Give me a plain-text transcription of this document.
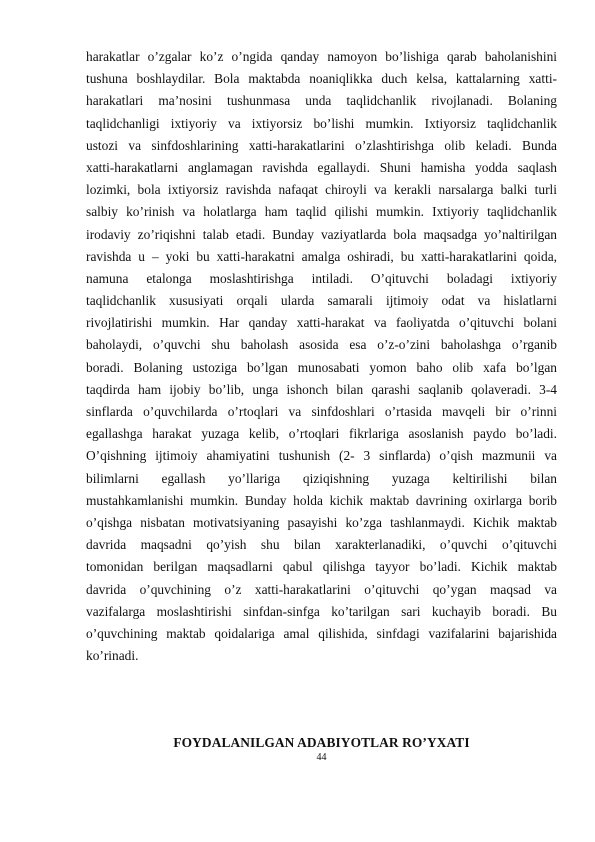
harakatlar o’zgalar ko’z o’ngida qanday namoyon bo’lishiga qarab baholanishini
tushuna boshlaydilar. Bola maktabda noaniqlikka duch kelsa, kattalarning xatti-
harakatlari ma’nosini tushunmasa unda taqlidchanlik rivojlanadi. Bolaning
taqlidchanligi ixtiyoriy va ixtiyorsiz bo’lishi mumkin. Ixtiyorsiz taqlidchanlik
ustozi va sinfdoshlarining xatti-harakatlarini o’zlashtirishga olib keladi. Bunda
xatti-harakatlarni anglamagan ravishda egallaydi. Shuni hamisha yodda saqlash
lozimki, bola ixtiyorsiz ravishda nafaqat chiroyli va kerakli narsalarga balki turli
salbiy ko’rinish va holatlarga ham taqlid qilishi mumkin. Ixtiyoriy taqlidchanlik
irodaviy zo’riqishni talab etadi. Bunday vaziyatlarda bola maqsadga yo’naltirilgan
ravishda u – yoki bu xatti-harakatni amalga oshiradi, bu xatti-harakatlarini qoida,
namuna etalonga moslashtirishga intiladi. O’qituvchi boladagi ixtiyoriy
taqlidchanlik xususiyati orqali ularda samarali ijtimoiy odat va hislatlarni
rivojlatirishi mumkin. Har qanday xatti-harakat va faoliyatda o’qituvchi bolani
baholaydi, o’quvchi shu baholash asosida esa o’z-o’zini baholashga o’rganib
boradi. Bolaning ustoziga bo’lgan munosabati yomon baho olib xafa bo’lgan
taqdirda ham ijobiy bo’lib, unga ishonch bilan qarashi saqlanib qolaveradi. 3-4
sinflarda o’quvchilarda o’rtoqlari va sinfdoshlari o’rtasida mavqeli bir o’rinni
egallashga harakat yuzaga kelib, o’rtoqlari fikrlariga asoslanish paydo bo’ladi.
O’qishning ijtimoiy ahamiyatini tushunish (2- 3 sinflarda) o’qish mazmunii va
bilimlarni egallash yo’llariga qiziqishning yuzaga keltirilishi bilan
mustahkamlanishi mumkin. Bunday holda kichik maktab davrining oxirlarga borib
o’qishga nisbatan motivatsiyaning pasayishi ko’zga tashlanmaydi. Kichik maktab
davrida maqsadni qo’yish shu bilan xarakterlanadiki, o’quvchi o’qituvchi
tomonidan berilgan maqsadlarni qabul qilishga tayyor bo’ladi. Kichik maktab
davrida o’quvchining o’z xatti-harakatlarini o’qituvchi qo’ygan maqsad va
vazifalarga moslashtirishi sinfdan-sinfga ko’tarilgan sari kuchayib boradi. Bu
o’quvchining maktab qoidalariga amal qilishida, sinfdagi vazifalarini bajarishida
ko’rinadi.
FOYDALANILGAN ADABIYOTLAR RO’YXATI
44
